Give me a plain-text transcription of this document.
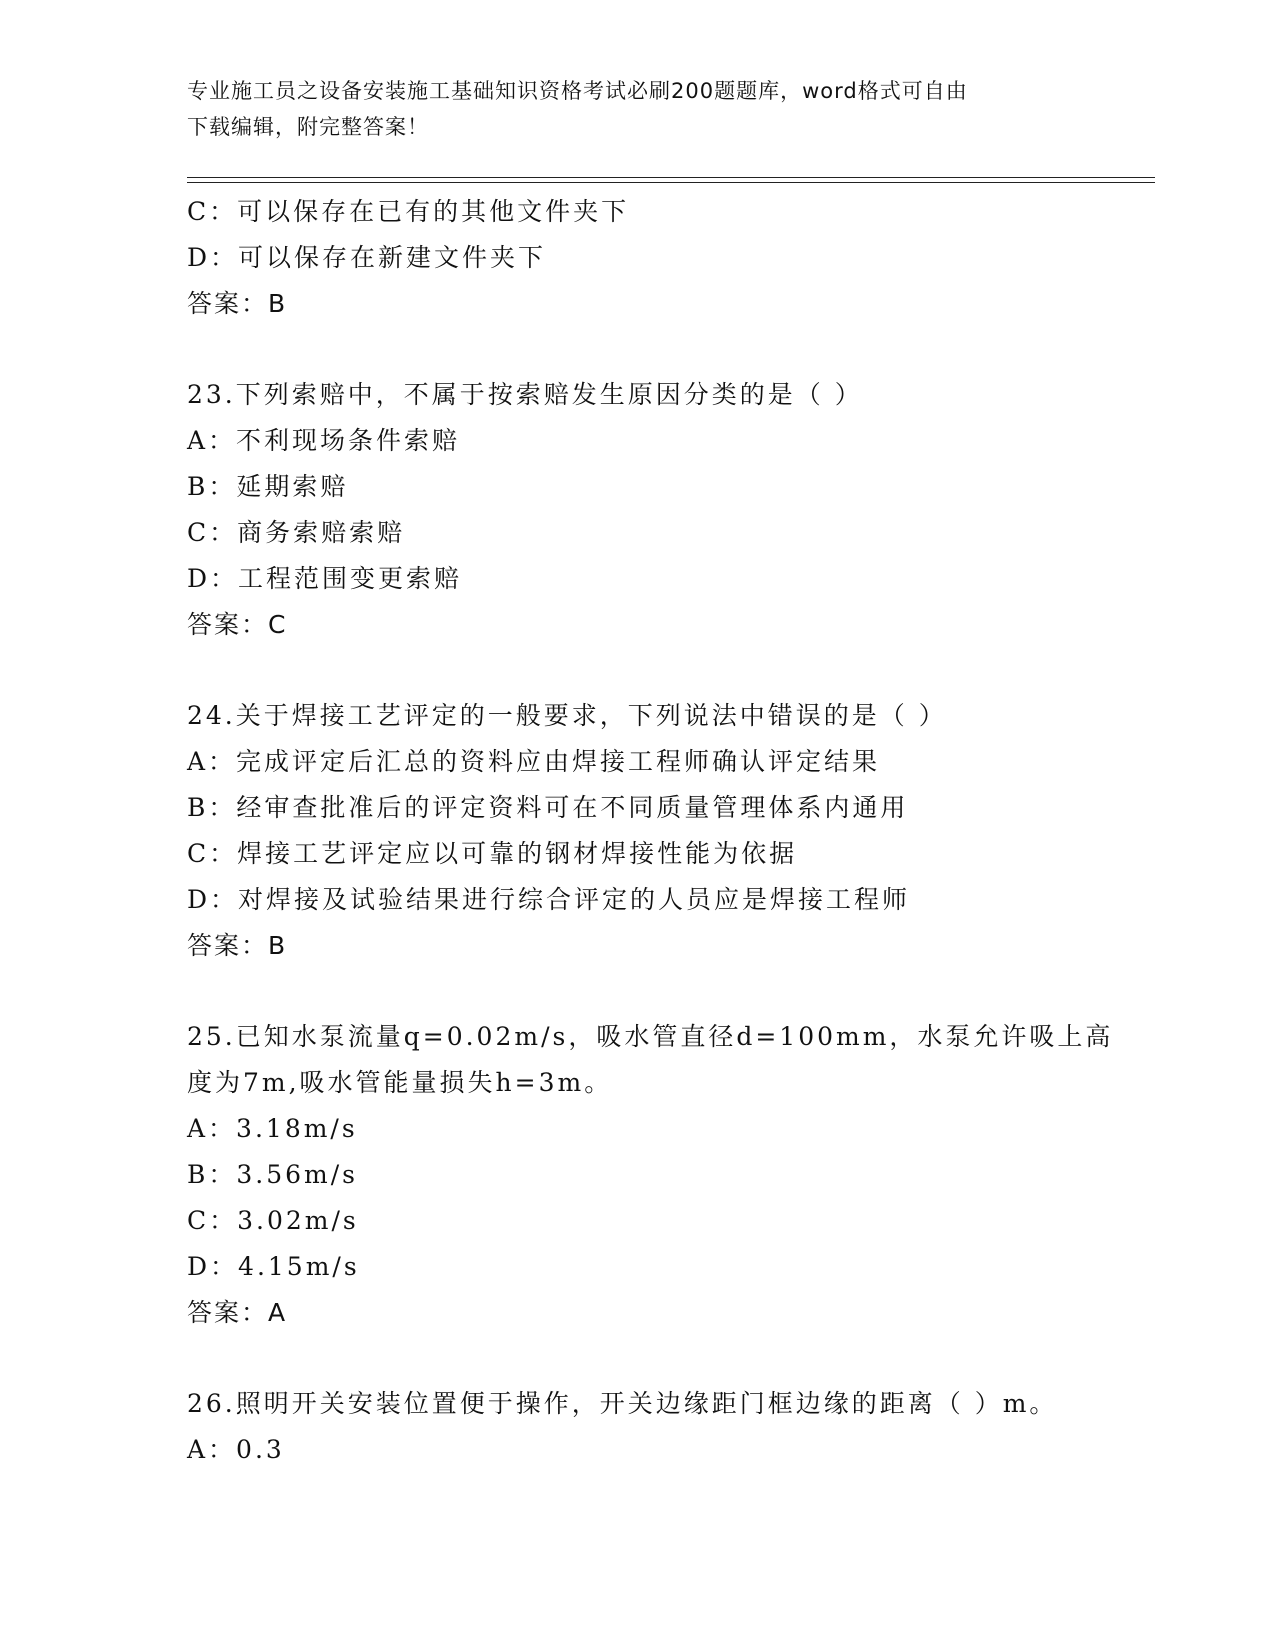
专业施工员之设备安装施工基础知识资格考试必刷200题题库，word格式可自由
下载编辑，附完整答案！
C：可以保存在已有的其他文件夹下
D：可以保存在新建文件夹下
答案：B
23.下列索赔中，不属于按索赔发生原因分类的是（ ）
A：不利现场条件索赔
B：延期索赔
C：商务索赔索赔
D：工程范围变更索赔
答案：C
24.关于焊接工艺评定的一般要求，下列说法中错误的是（ ）
A：完成评定后汇总的资料应由焊接工程师确认评定结果
B：经审查批准后的评定资料可在不同质量管理体系内通用
C：焊接工艺评定应以可靠的钢材焊接性能为依据
D：对焊接及试验结果进行综合评定的人员应是焊接工程师
答案：B
25.已知水泵流量q=0.02m/s，吸水管直径d=100mm，水泵允许吸上高
度为7m,吸水管能量损失h=3m。
A：3.18m/s
B：3.56m/s
C：3.02m/s
D：4.15m/s
答案：A
26.照明开关安装位置便于操作，开关边缘距门框边缘的距离（ ）m。
A：0.3
